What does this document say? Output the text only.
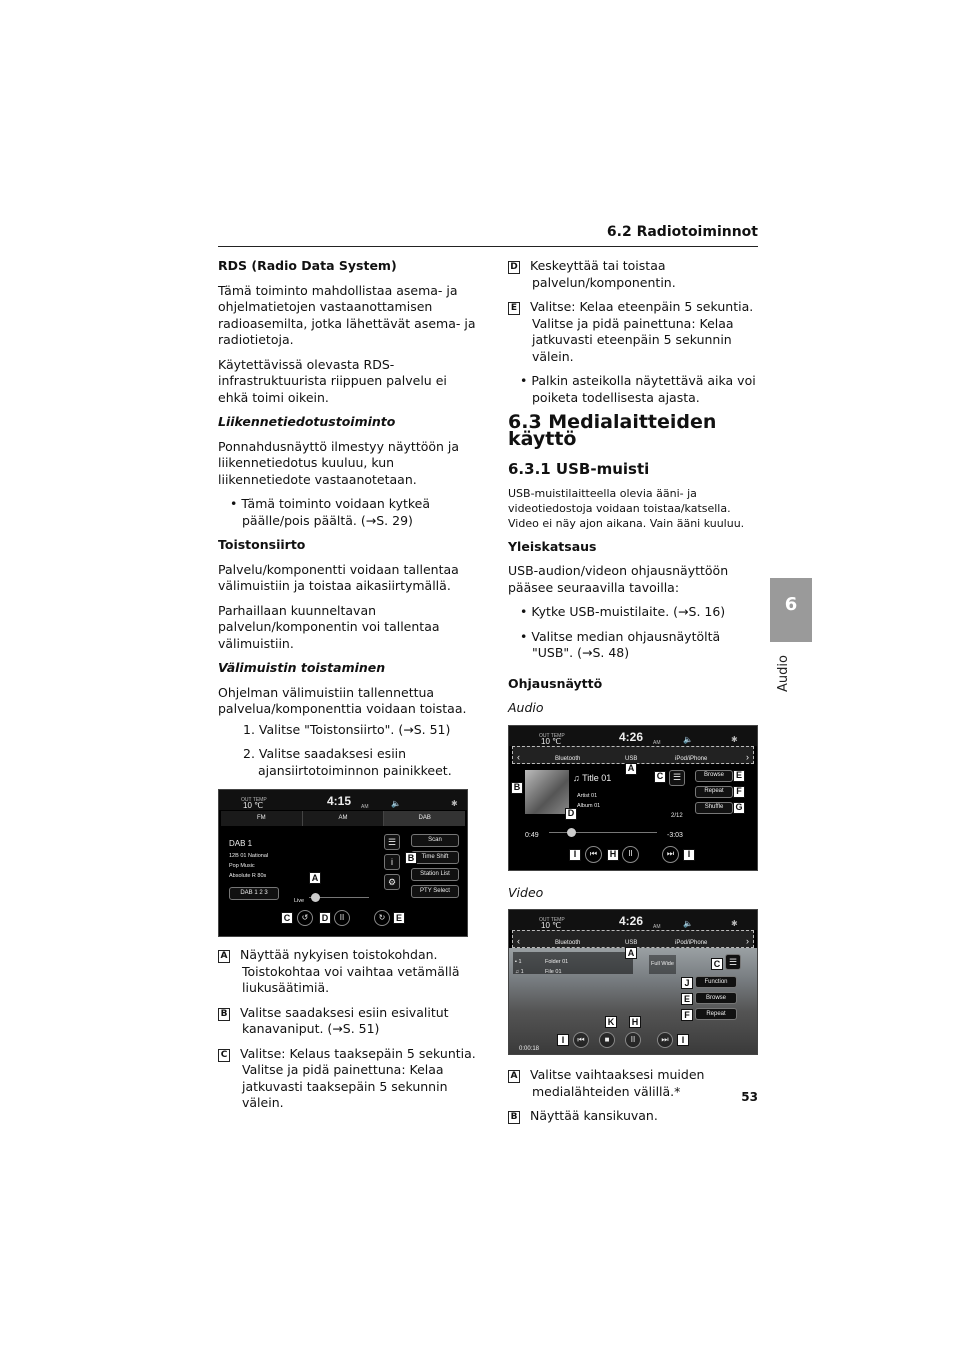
6.2 Radiotoiminnot
6
Audio
53
RDS (Radio Data System)

Tämä toiminto mahdollistaa asema- ja ohjelmatietojen vastaanottamisen radioasemilta, jotka lähettävät asema- ja radiotietoja.

Käytettävissä olevasta RDS-infrastruktuurista riippuen palvelu ei ehkä toimi oikein.

Liikennetiedotustoiminto

Ponnahdusnäyttö ilmestyy näyttöön ja liikennetiedotus kuuluu, kun liikennetiedote vastaanotetaan.

• Tämä toiminto voidaan kytkeä päälle/pois päältä. (→S. 29)

Toistonsiirto

Palvelu/komponentti voidaan tallentaa välimuistiin ja toistaa aikasiirtymällä.

Parhaillaan kuunneltavan palvelun/komponentin voi tallentaa välimuistiin.

Välimuistin toistaminen

Ohjelman välimuistiin tallennettua palvelua/komponenttia voidaan toistaa.

1. Valitse "Toistonsiirto". (→S. 51)

2. Valitse saadaksesi esiin ajansiirtotoiminnon painikkeet.

OUT TEMP
10 ℃	4:15 AM	🔈	✱
FM	AM	DAB
DAB 1
12B 01 National
Pop Music
Absolute R 80s
DAB 1 2 3
Live
A
☰
i
⚙
Scan
Time Shift
B
Station List
PTY Select
C	↺	D	II	↻	E

A Näyttää nykyisen toistokohdan. Toistokohtaa voi vaihtaa vetämällä liukusäätimiä.

B Valitse saadaksesi esiin esivalitut kanavaniput. (→S. 51)

C Valitse: Kelaus taaksepäin 5 sekuntia. Valitse ja pidä painettuna: Kelaa jatkuvasti taaksepäin 5 sekunnin välein.

D Keskeyttää tai toistaa palvelun/komponentin.

E Valitse: Kelaa eteenpäin 5 sekuntia. Valitse ja pidä painettuna: Kelaa jatkuvasti eteenpäin 5 sekunnin välein.

• Palkin asteikolla näytettävä aika voi poiketa todellisesta ajasta.

6.3 Medialaitteiden käyttö
6.3.1 USB-muisti

USB-muistilaitteella olevia ääni- ja videotiedostoja voidaan toistaa/katsella. Video ei näy ajon aikana. Vain ääni kuuluu.

Yleiskatsaus

USB-audion/videon ohjausnäyttöön pääsee seuraavilla tavoilla:

• Kytke USB-muistilaite. (→S. 16)

• Valitse median ohjausnäytöltä "USB". (→S. 48)

Ohjausnäyttö
Audio
OUT TEMP
10 ℃	4:26 AM	🔈	✱
‹	Bluetooth	USB	iPod/iPhone	›
B
♫ Title 01
A
Artist 01
Album 01
D	2/12
C	☰	Browse	E
Repeat	F
Shuffle	G
0:49	-3:03
I	⏮	H	II	⏭	I
Video
OUT TEMP
10 ℃	4:26 AM	🔈	✱
‹	Bluetooth	USB	iPod/iPhone	›
▪ 1	Folder 01
♫ 1	File 01
A
Full Wide	C ☰
J	Function
E	Browse
F	Repeat
K	H
0:00:18
I	⏮ ■	II	⏭	I

A Valitse vaihtaaksesi muiden medialähteiden välillä.*

B Näyttää kansikuvan.
